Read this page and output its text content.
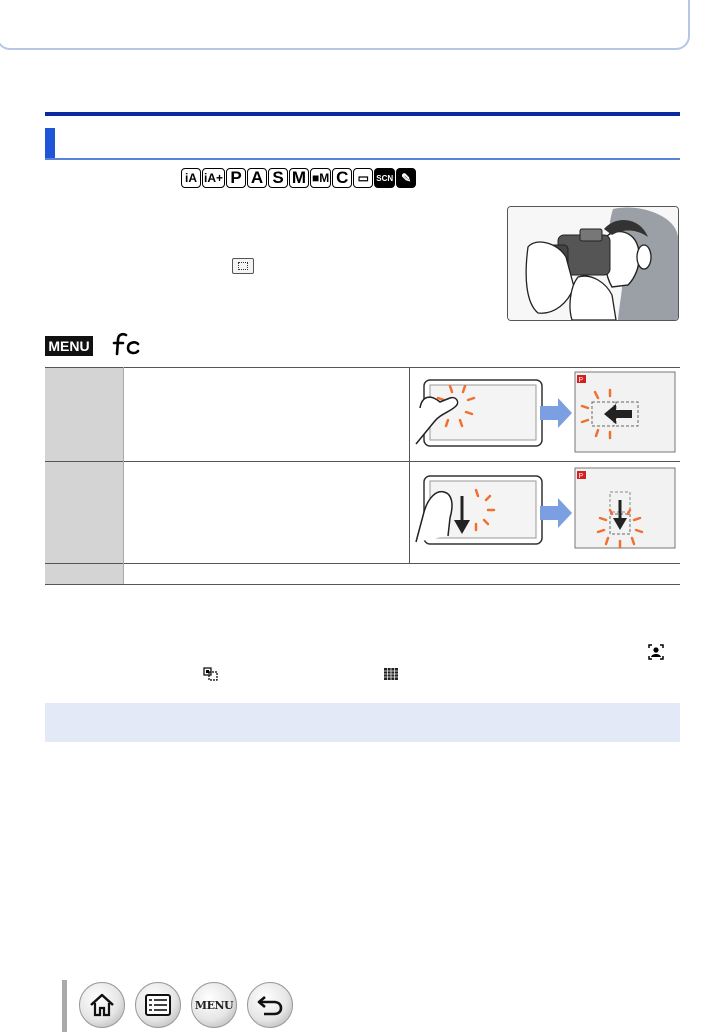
iA iA+ P A S M ■M C ▭ SCN ✎
MENU

P

P

MENU
